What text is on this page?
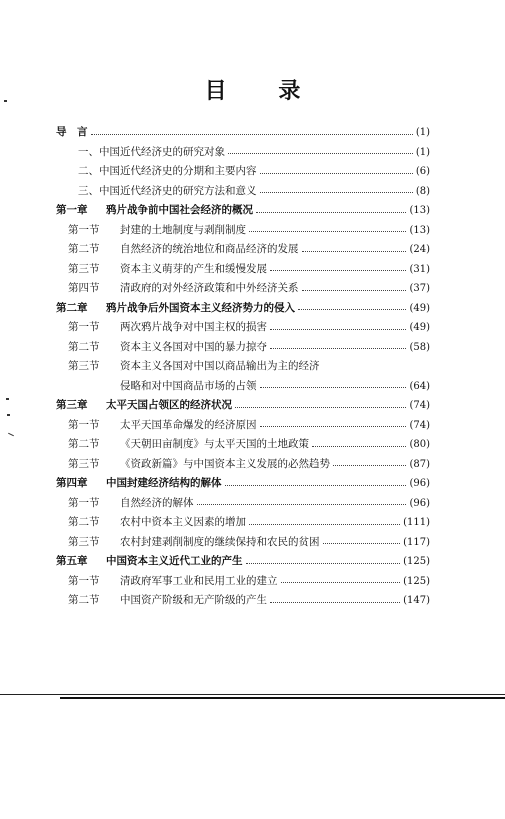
目 录
导　言	(1)
一、中国近代经济史的研究对象	(1)
二、中国近代经济史的分期和主要内容	(6)
三、中国近代经济史的研究方法和意义	(8)
第一章	鸦片战争前中国社会经济的概况	(13)
第一节	封建的土地制度与剥削制度	(13)
第二节	自然经济的统治地位和商品经济的发展	(24)
第三节	资本主义萌芽的产生和缓慢发展	(31)
第四节	清政府的对外经济政策和中外经济关系	(37)
第二章	鸦片战争后外国资本主义经济势力的侵入	(49)
第一节	两次鸦片战争对中国主权的损害	(49)
第二节	资本主义各国对中国的暴力掠夺	(58)
第三节	资本主义各国对中国以商品输出为主的经济
侵略和对中国商品市场的占领	(64)
第三章	太平天国占领区的经济状况	(74)
第一节	太平天国革命爆发的经济原因	(74)
第二节	《天朝田亩制度》与太平天国的土地政策	(80)
第三节	《资政新篇》与中国资本主义发展的必然趋势	(87)
第四章	中国封建经济结构的解体	(96)
第一节	自然经济的解体	(96)
第二节	农村中资本主义因素的增加	(111)
第三节	农村封建剥削制度的继续保持和农民的贫困	(117)
第五章	中国资本主义近代工业的产生	(125)
第一节	清政府军事工业和民用工业的建立	(125)
第二节	中国资产阶级和无产阶级的产生	(147)
